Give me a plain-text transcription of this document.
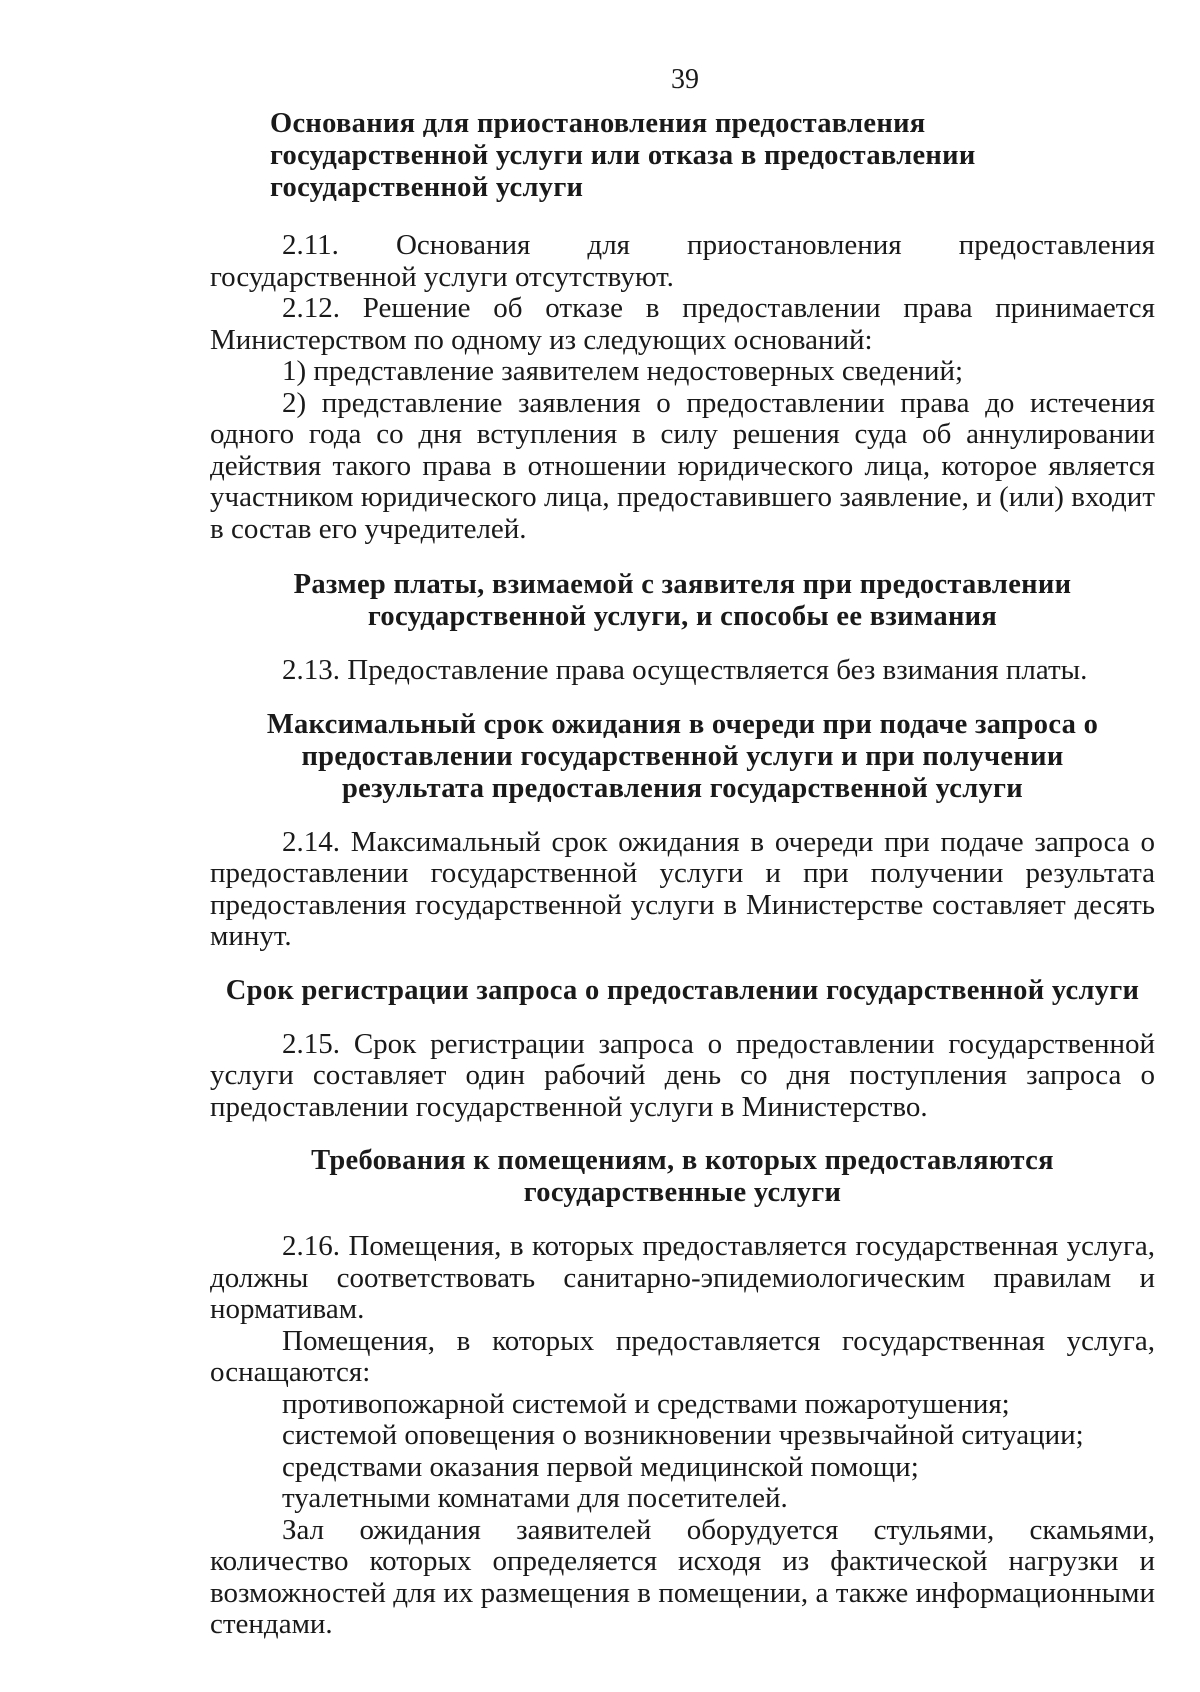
39
Основания для приостановления предоставления государственной услуги или отказа в предоставлении государственной услуги

2.11. Основания для приостановления предоставления государственной услуги отсутствуют.

2.12. Решение об отказе в предоставлении права принимается Министерством по одному из следующих оснований:

1) представление заявителем недостоверных сведений;

2) представление заявления о предоставлении права до истечения одного года со дня вступления в силу решения суда об аннулировании действия такого права в отношении юридического лица, которое является участником юридического лица, предоставившего заявление, и (или) входит в состав его учредителей.

Размер платы, взимаемой с заявителя при предоставлении государственной услуги, и способы ее взимания

2.13. Предоставление права осуществляется без взимания платы.

Максимальный срок ожидания в очереди при подаче запроса о предоставлении государственной услуги и при получении результата предоставления государственной услуги

2.14. Максимальный срок ожидания в очереди при подаче запроса о предоставлении государственной услуги и при получении результата предоставления государственной услуги в Министерстве составляет десять минут.

Срок регистрации запроса о предоставлении государственной услуги

2.15. Срок регистрации запроса о предоставлении государственной услуги составляет один рабочий день со дня поступления запроса о предоставлении государственной услуги в Министерство.

Требования к помещениям, в которых предоставляются государственные услуги

2.16. Помещения, в которых предоставляется государственная услуга, должны соответствовать санитарно-эпидемиологическим правилам и нормативам.

Помещения, в которых предоставляется государственная услуга, оснащаются:

противопожарной системой и средствами пожаротушения;

системой оповещения о возникновении чрезвычайной ситуации;

средствами оказания первой медицинской помощи;

туалетными комнатами для посетителей.

Зал ожидания заявителей оборудуется стульями, скамьями, количество которых определяется исходя из фактической нагрузки и возможностей для их размещения в помещении, а также информационными стендами.
